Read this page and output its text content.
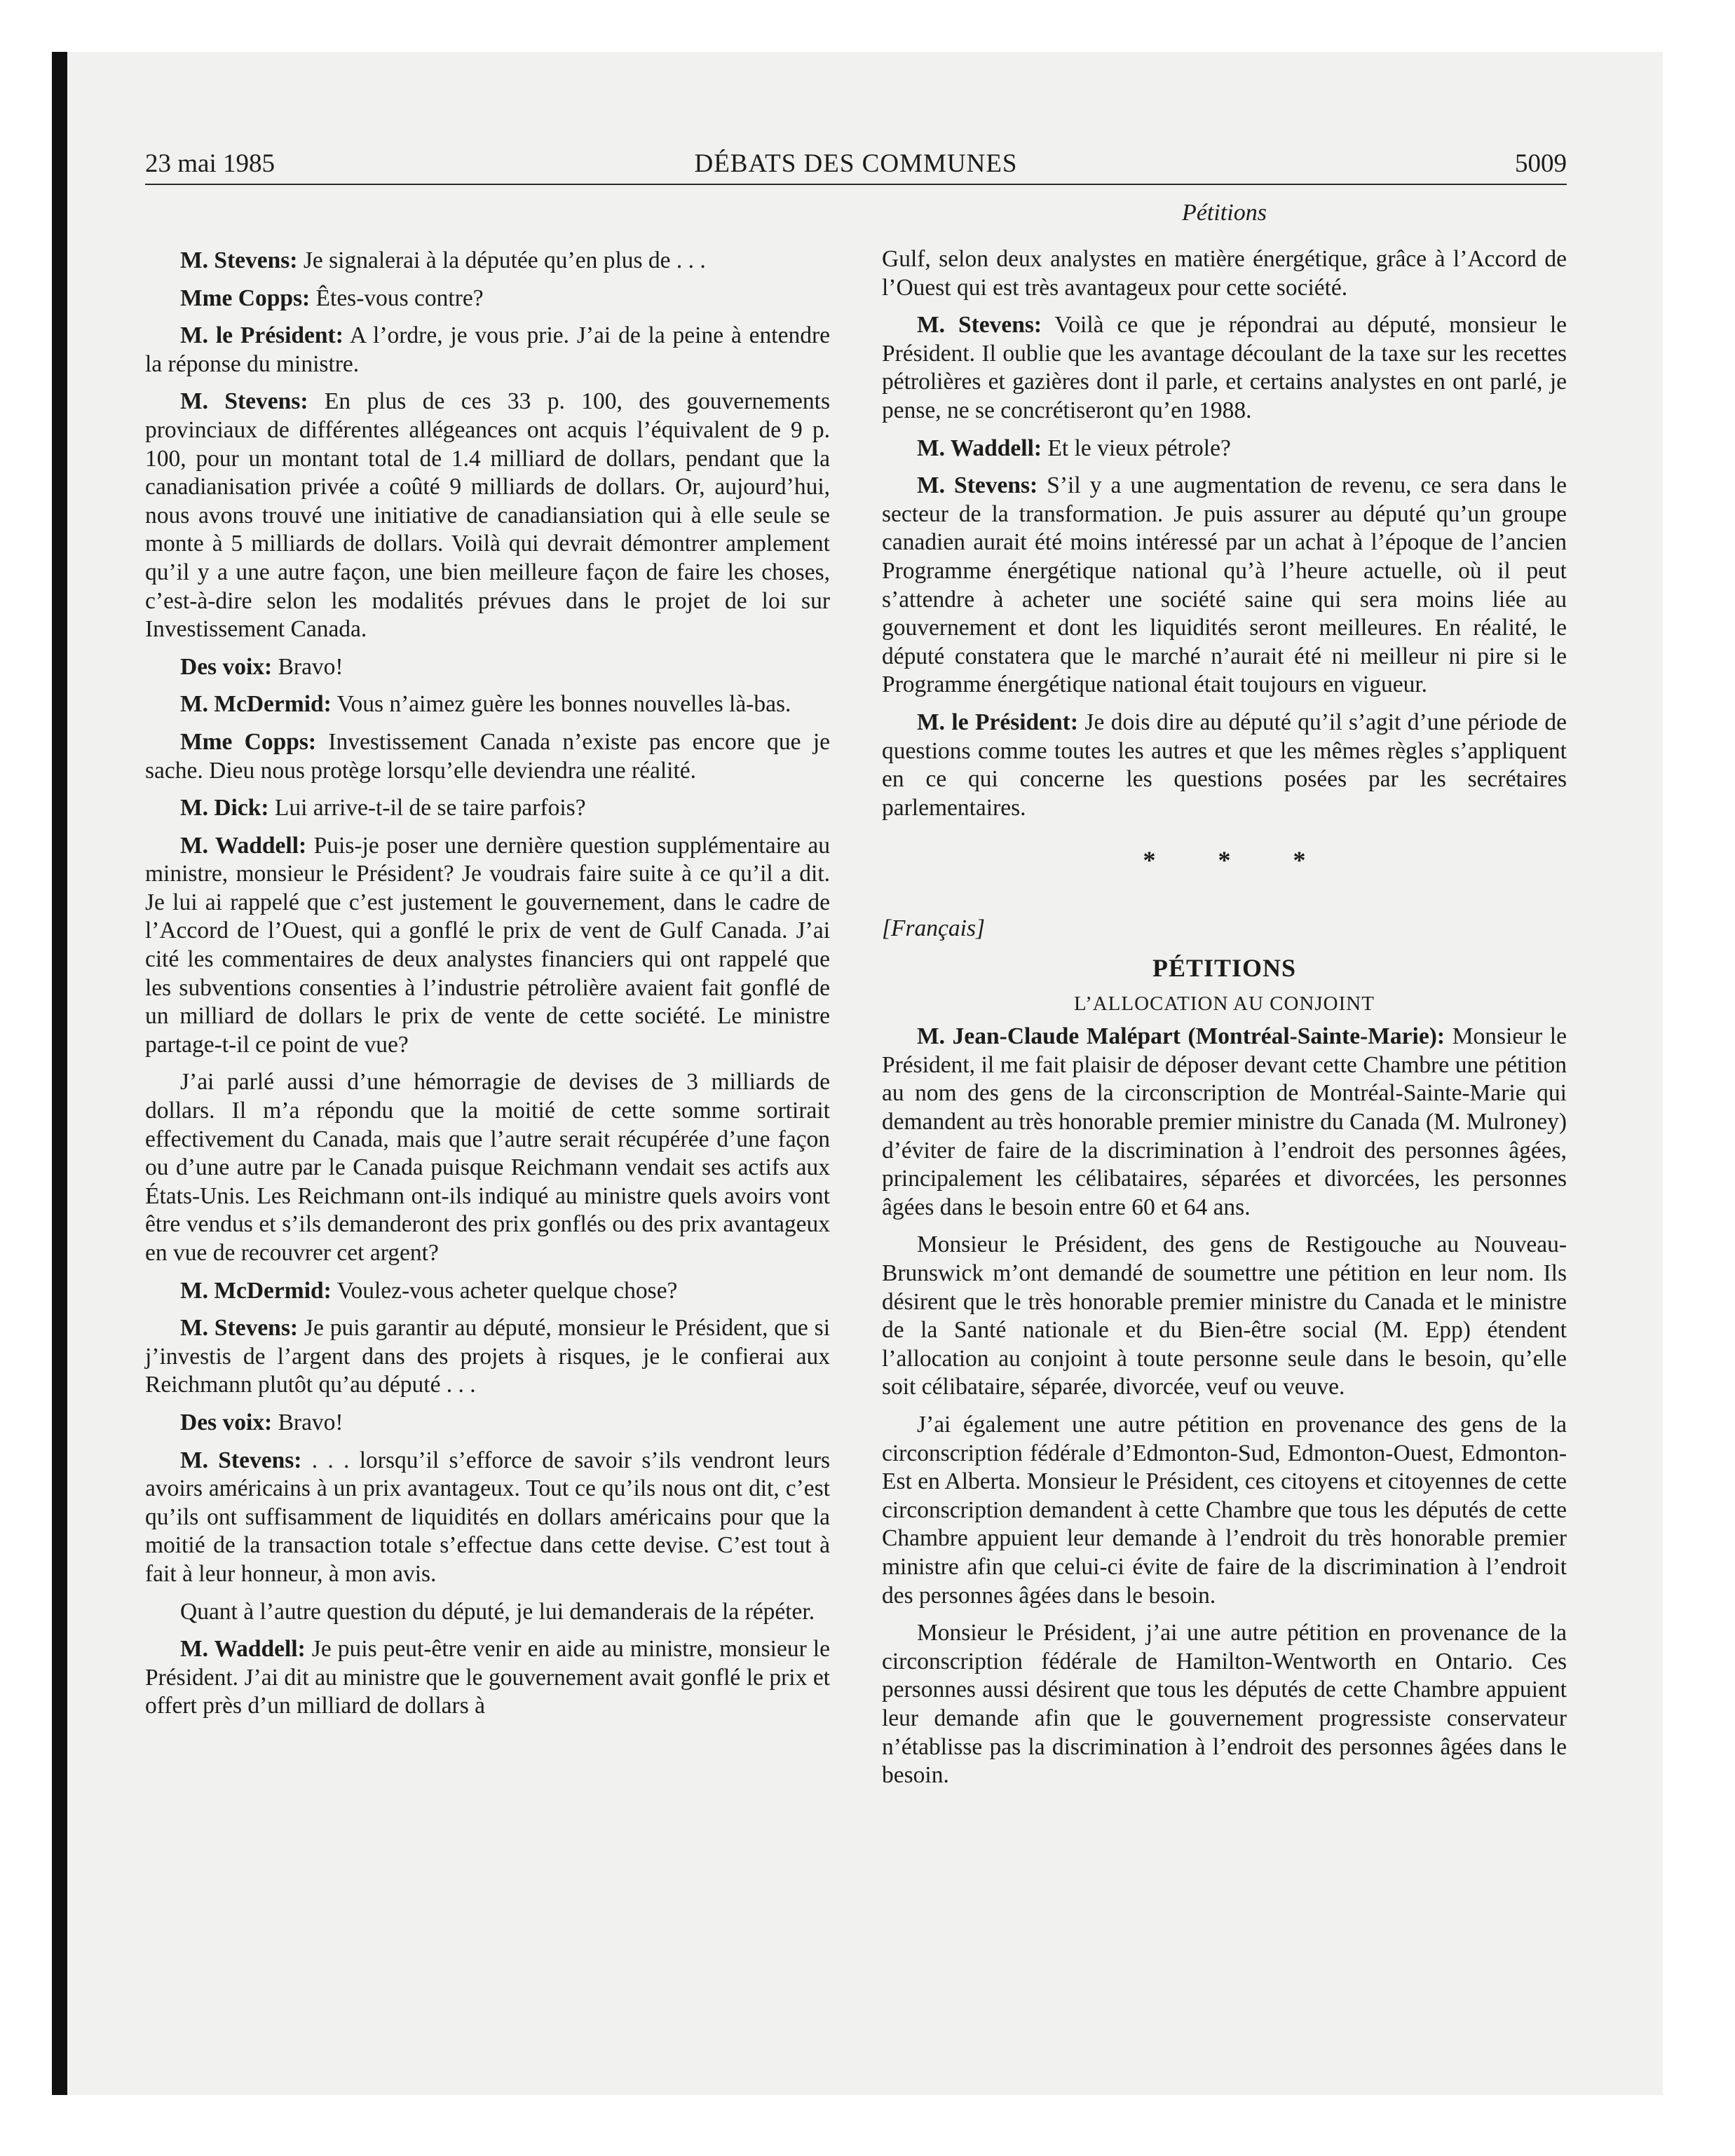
23 mai 1985	DÉBATS DES COMMUNES	5009
Pétitions

M. Stevens: Je signalerai à la députée qu’en plus de . . .

Mme Copps: Êtes-vous contre?

M. le Président: A l’ordre, je vous prie. J’ai de la peine à entendre la réponse du ministre.

M. Stevens: En plus de ces 33 p. 100, des gouvernements provinciaux de différentes allégeances ont acquis l’équivalent de 9 p. 100, pour un montant total de 1.4 milliard de dollars, pendant que la canadianisation privée a coûté 9 milliards de dollars. Or, aujourd’hui, nous avons trouvé une initiative de canadiansiation qui à elle seule se monte à 5 milliards de dollars. Voilà qui devrait démontrer amplement qu’il y a une autre façon, une bien meilleure façon de faire les choses, c’est-à-dire selon les modalités prévues dans le projet de loi sur Investissement Canada.

Des voix: Bravo!

M. McDermid: Vous n’aimez guère les bonnes nouvelles là-bas.

Mme Copps: Investissement Canada n’existe pas encore que je sache. Dieu nous protège lorsqu’elle deviendra une réalité.

M. Dick: Lui arrive-t-il de se taire parfois?

M. Waddell: Puis-je poser une dernière question supplémentaire au ministre, monsieur le Président? Je voudrais faire suite à ce qu’il a dit. Je lui ai rappelé que c’est justement le gouvernement, dans le cadre de l’Accord de l’Ouest, qui a gonflé le prix de vent de Gulf Canada. J’ai cité les commentaires de deux analystes financiers qui ont rappelé que les subventions consenties à l’industrie pétrolière avaient fait gonflé de un milliard de dollars le prix de vente de cette société. Le ministre partage-t-il ce point de vue?

J’ai parlé aussi d’une hémorragie de devises de 3 milliards de dollars. Il m’a répondu que la moitié de cette somme sortirait effectivement du Canada, mais que l’autre serait récupérée d’une façon ou d’une autre par le Canada puisque Reichmann vendait ses actifs aux États-Unis. Les Reichmann ont-ils indiqué au ministre quels avoirs vont être vendus et s’ils demanderont des prix gonflés ou des prix avantageux en vue de recouvrer cet argent?

M. McDermid: Voulez-vous acheter quelque chose?

M. Stevens: Je puis garantir au député, monsieur le Président, que si j’investis de l’argent dans des projets à risques, je le confierai aux Reichmann plutôt qu’au député . . .

Des voix: Bravo!

M. Stevens: . . . lorsqu’il s’efforce de savoir s’ils vendront leurs avoirs américains à un prix avantageux. Tout ce qu’ils nous ont dit, c’est qu’ils ont suffisamment de liquidités en dollars américains pour que la moitié de la transaction totale s’effectue dans cette devise. C’est tout à fait à leur honneur, à mon avis.

Quant à l’autre question du député, je lui demanderais de la répéter.

M. Waddell: Je puis peut-être venir en aide au ministre, monsieur le Président. J’ai dit au ministre que le gouvernement avait gonflé le prix et offert près d’un milliard de dollars à

Gulf, selon deux analystes en matière énergétique, grâce à l’Accord de l’Ouest qui est très avantageux pour cette société.

M. Stevens: Voilà ce que je répondrai au député, monsieur le Président. Il oublie que les avantage découlant de la taxe sur les recettes pétrolières et gazières dont il parle, et certains analystes en ont parlé, je pense, ne se concrétiseront qu’en 1988.

M. Waddell: Et le vieux pétrole?

M. Stevens: S’il y a une augmentation de revenu, ce sera dans le secteur de la transformation. Je puis assurer au député qu’un groupe canadien aurait été moins intéressé par un achat à l’époque de l’ancien Programme énergétique national qu’à l’heure actuelle, où il peut s’attendre à acheter une société saine qui sera moins liée au gouvernement et dont les liquidités seront meilleures. En réalité, le député constatera que le marché n’aurait été ni meilleur ni pire si le Programme énergétique national était toujours en vigueur.

M. le Président: Je dois dire au député qu’il s’agit d’une période de questions comme toutes les autres et que les mêmes règles s’appliquent en ce qui concerne les questions posées par les secrétaires parlementaires.

* * *
[Français]
PÉTITIONS
L’ALLOCATION AU CONJOINT

M. Jean-Claude Malépart (Montréal-Sainte-Marie): Monsieur le Président, il me fait plaisir de déposer devant cette Chambre une pétition au nom des gens de la circonscription de Montréal-Sainte-Marie qui demandent au très honorable premier ministre du Canada (M. Mulroney) d’éviter de faire de la discrimination à l’endroit des personnes âgées, principalement les célibataires, séparées et divorcées, les personnes âgées dans le besoin entre 60 et 64 ans.

Monsieur le Président, des gens de Restigouche au Nouveau-Brunswick m’ont demandé de soumettre une pétition en leur nom. Ils désirent que le très honorable premier ministre du Canada et le ministre de la Santé nationale et du Bien-être social (M. Epp) étendent l’allocation au conjoint à toute personne seule dans le besoin, qu’elle soit célibataire, séparée, divorcée, veuf ou veuve.

J’ai également une autre pétition en provenance des gens de la circonscription fédérale d’Edmonton-Sud, Edmonton-Ouest, Edmonton-Est en Alberta. Monsieur le Président, ces citoyens et citoyennes de cette circonscription demandent à cette Chambre que tous les députés de cette Chambre appuient leur demande à l’endroit du très honorable premier ministre afin que celui-ci évite de faire de la discrimination à l’endroit des personnes âgées dans le besoin.

Monsieur le Président, j’ai une autre pétition en provenance de la circonscription fédérale de Hamilton-Wentworth en Ontario. Ces personnes aussi désirent que tous les députés de cette Chambre appuient leur demande afin que le gouvernement progressiste conservateur n’établisse pas la discrimination à l’endroit des personnes âgées dans le besoin.
